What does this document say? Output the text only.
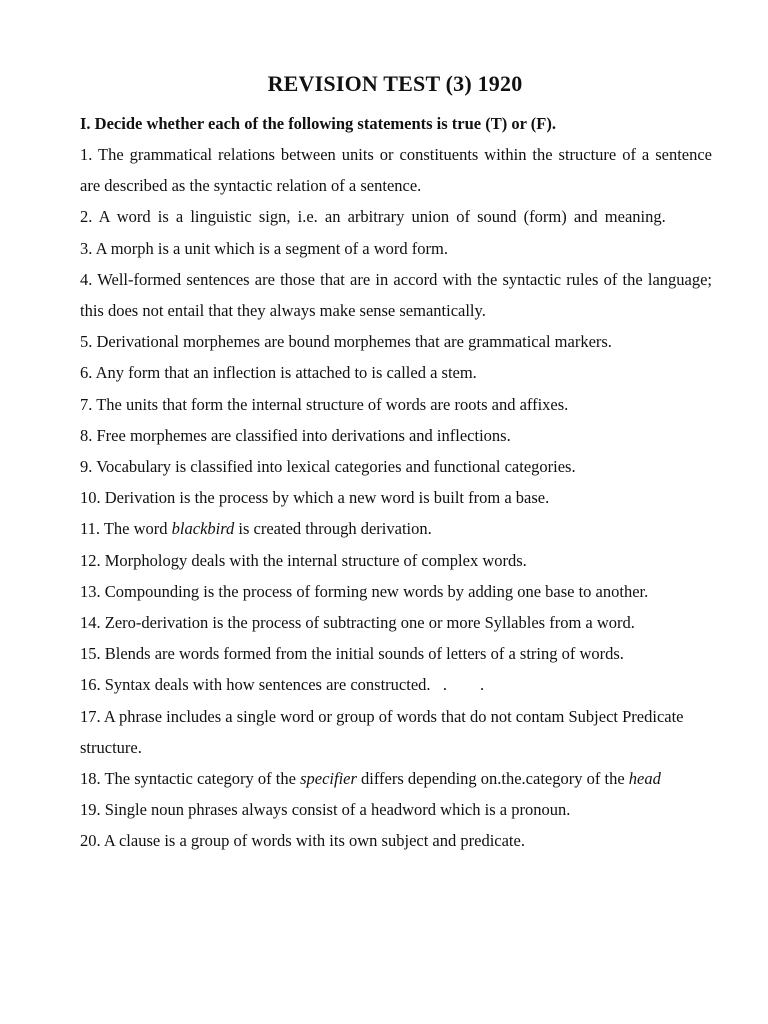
REVISION TEST (3) 1920
I. Decide whether each of the following statements is true (T) or (F).

1. The grammatical relations between units or constituents within the structure of a sentence are described as the syntactic relation of a sentence.

2. A word is a linguistic sign, i.e. an arbitrary union of sound (form) and meaning.

3. A morph is a unit which is a segment of a word form.

4. Well-formed sentences are those that are in accord with the syntactic rules of the language; this does not entail that they always make sense semantically.

5. Derivational morphemes are bound morphemes that are grammatical markers.

6. Any form that an inflection is attached to is called a stem.

7. The units that form the internal structure of words are roots and affixes.

8. Free morphemes are classified into derivations and inflections.

9. Vocabulary is classified into lexical categories and functional categories.

10. Derivation is the process by which a new word is built from a base.

11. The word blackbird is created through derivation.

12. Morphology deals with the internal structure of complex words.

13. Compounding is the process of forming new words by adding one base to another.

14. Zero-derivation is the process of subtracting one or more Syllables from a word.

15. Blends are words formed from the initial sounds of letters of a string of words.

16. Syntax deals with how sentences are constructed.   .        .

17. A phrase includes a single word or group of words that do not contam Subject Predicate structure.

18. The syntactic category of the specifier differs depending on.the.category of the head

19. Single noun phrases always consist of a headword which is a pronoun.

20. A clause is a group of words with its own subject and predicate.
